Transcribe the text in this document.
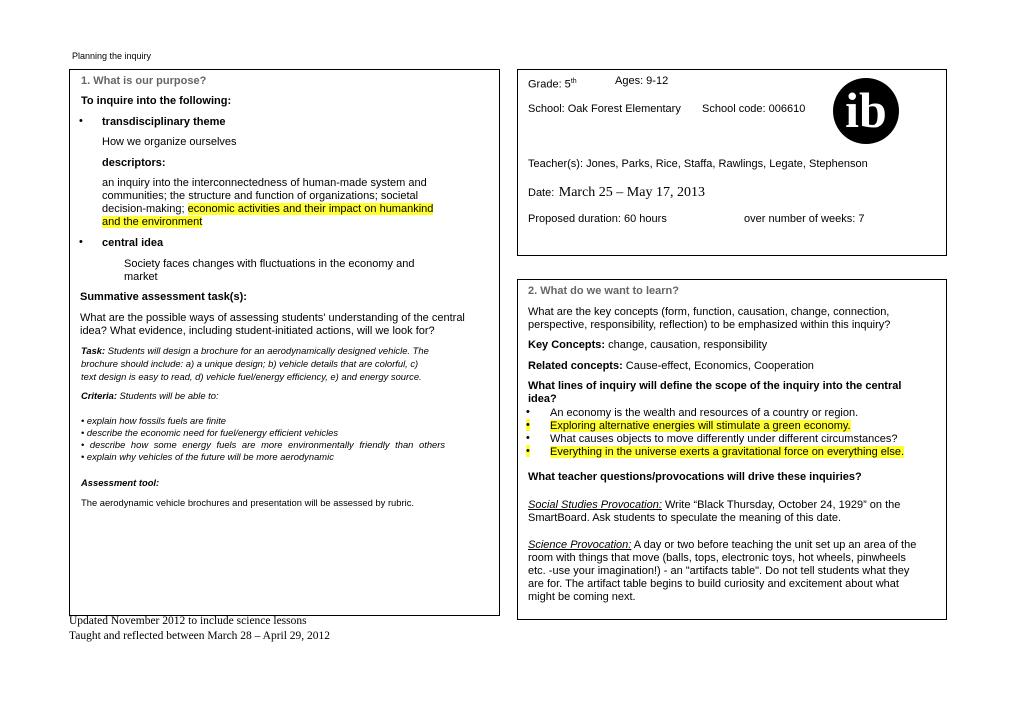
Planning the inquiry
1. What is our purpose?
To inquire into the following:
• transdisciplinary theme
How we organize ourselves
descriptors:
an inquiry into the interconnectedness of human-made system and
communities; the structure and function of organizations; societal
decision-making; economic activities and their impact on humankind
and the environment
• central idea
Society faces changes with fluctuations in the economy and
market
Summative assessment task(s):
What are the possible ways of assessing students' understanding of the central
idea? What evidence, including student-initiated actions, will we look for?
Task: Students will design a brochure for an aerodynamically designed vehicle. The
brochure should include: a) a unique design; b) vehicle details that are colorful, c)
text design is easy to read, d) vehicle fuel/energy efficiency, e) and energy source.
Criteria: Students will be able to:
• explain how fossils fuels are finite
• describe the economic need for fuel/energy efficient vehicles
• describe how some energy fuels are more environmentally friendly than others
• explain why vehicles of the future will be more aerodynamic
Assessment tool:
The aerodynamic vehicle brochures and presentation will be assessed by rubric.
Grade: 5th	Ages: 9-12
School: Oak Forest Elementary School code: 006610 ib
Teacher(s): Jones, Parks, Rice, Staffa, Rawlings, Legate, Stephenson
Date: March 25 – May 17, 2013
Proposed duration: 60 hours	over number of weeks: 7
2. What do we want to learn?
What are the key concepts (form, function, causation, change, connection,
perspective, responsibility, reflection) to be emphasized within this inquiry?
Key Concepts: change, causation, responsibility
Related concepts: Cause-effect, Economics, Cooperation
What lines of inquiry will define the scope of the inquiry into the central
idea?
• An economy is the wealth and resources of a country or region.
• Exploring alternative energies will stimulate a green economy.
• What causes objects to move differently under different circumstances?
• Everything in the universe exerts a gravitational force on everything else.
What teacher questions/provocations will drive these inquiries?
Social Studies Provocation: Write “Black Thursday, October 24, 1929” on the
SmartBoard. Ask students to speculate the meaning of this date.
Science Provocation: A day or two before teaching the unit set up an area of the
room with things that move (balls, tops, electronic toys, hot wheels, pinwheels
etc. -use your imagination!) - an "artifacts table". Do not tell students what they
are for. The artifact table begins to build curiosity and excitement about what
might be coming next.
Updated November 2012 to include science lessons
Taught and reflected between March 28 – April 29, 2012
